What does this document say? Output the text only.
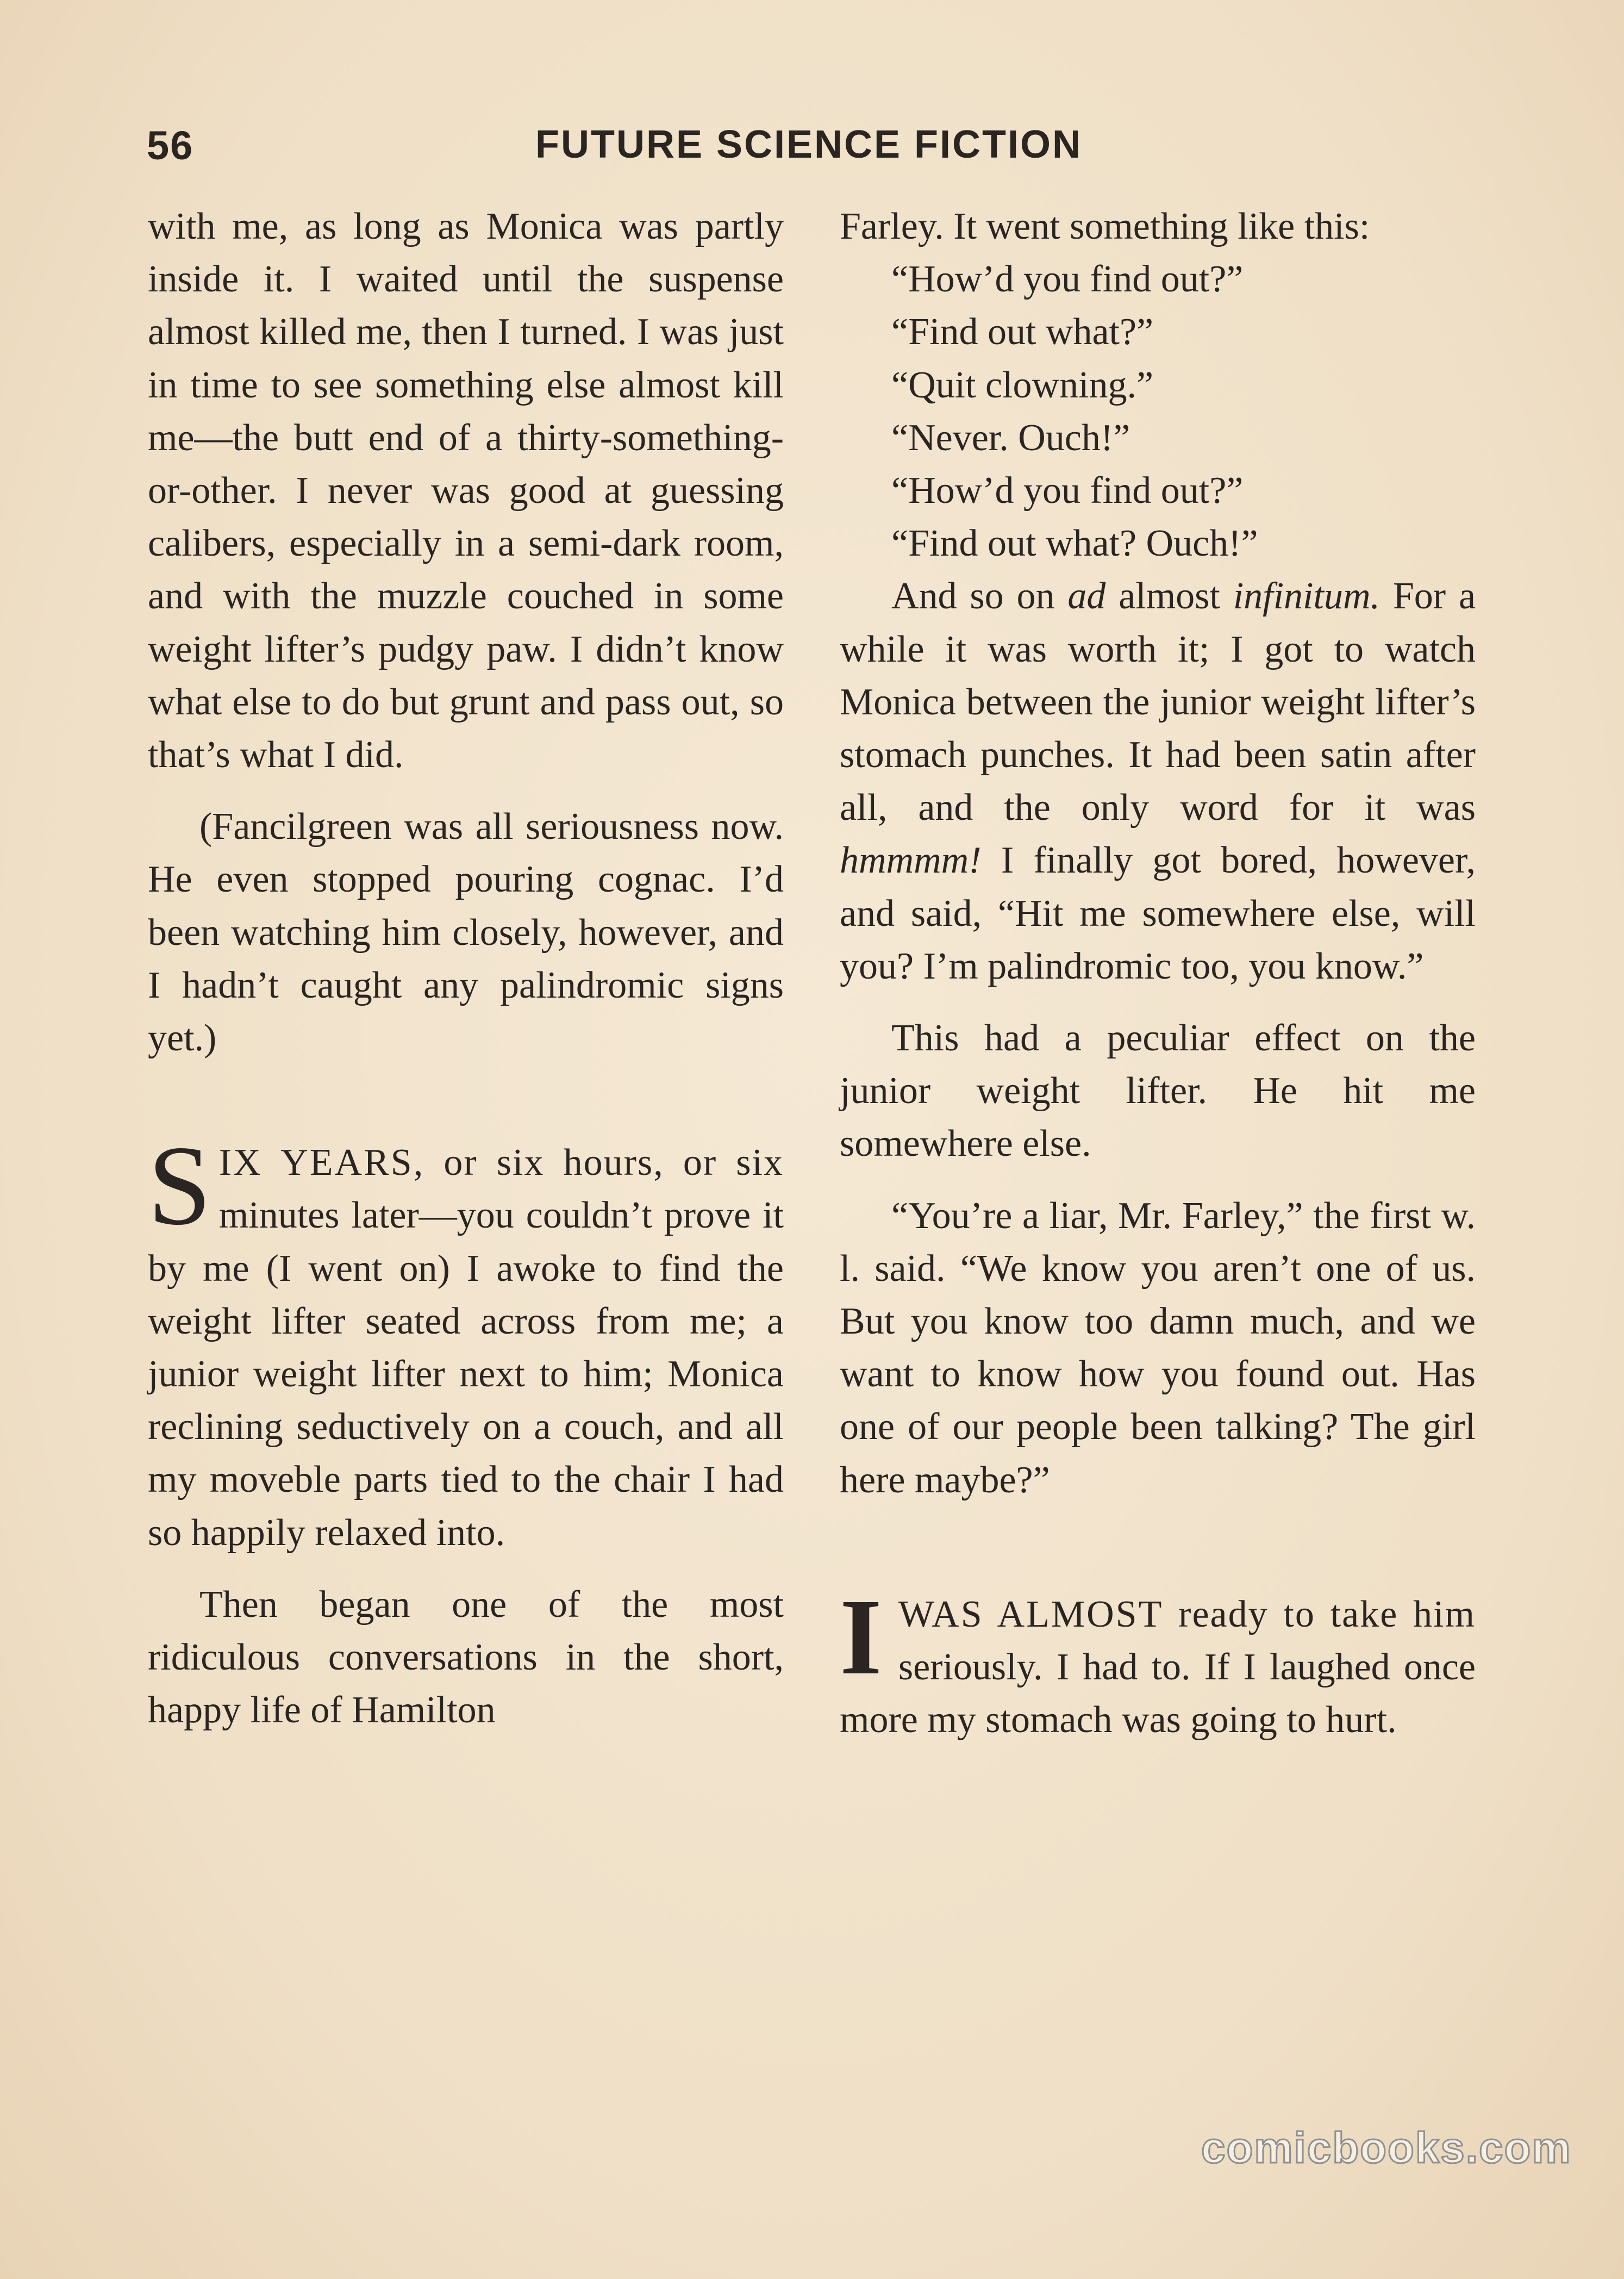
56	FUTURE SCIENCE FICTION

with me, as long as Monica was partly inside it. I waited until the suspense almost killed me, then I turned. I was just in time to see something else almost kill me—the butt end of a thirty-something-or-other. I never was good at guessing calibers, especially in a semi-dark room, and with the muzzle couched in some weight lifter’s pudgy paw. I didn’t know what else to do but grunt and pass out, so that’s what I did.

(Fancilgreen was all seriousness now. He even stopped pouring cognac. I’d been watching him closely, however, and I hadn’t caught any palindromic signs yet.)

SIX YEARS, or six hours, or six minutes later—you couldn’t prove it by me (I went on) I awoke to find the weight lifter seated across from me; a junior weight lifter next to him; Monica reclining seductively on a couch, and all my moveble parts tied to the chair I had so happily relaxed into.

Then began one of the most ridiculous conversations in the short, happy life of Hamilton

Farley. It went something like this:

“How’d you find out?”

“Find out what?”

“Quit clowning.”

“Never. Ouch!”

“How’d you find out?”

“Find out what? Ouch!”

And so on ad almost infinitum. For a while it was worth it; I got to watch Monica between the junior weight lifter’s stomach punches. It had been satin after all, and the only word for it was hmmmm! I finally got bored, however, and said, “Hit me somewhere else, will you? I’m palindromic too, you know.”

This had a peculiar effect on the junior weight lifter. He hit me somewhere else.

“You’re a liar, Mr. Farley,” the first w. l. said. “We know you aren’t one of us. But you know too damn much, and we want to know how you found out. Has one of our people been talking? The girl here maybe?”

IWAS ALMOST ready to take him seriously. I had to. If I laughed once more my stomach was going to hurt.

comicbooks.com
